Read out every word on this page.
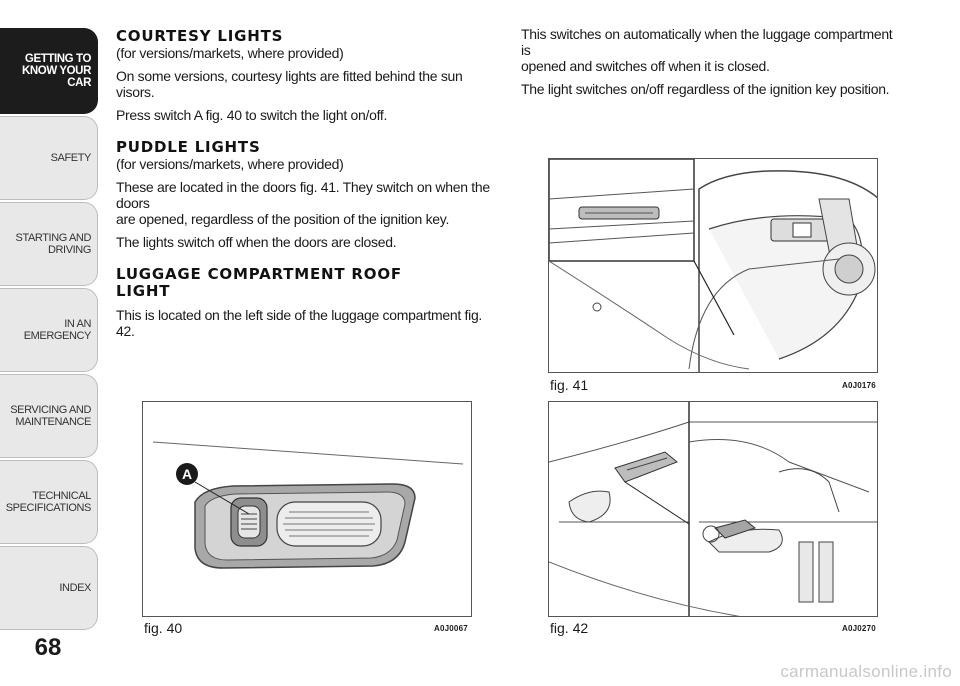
GETTING TO
KNOW YOUR CAR
SAFETY
STARTING AND
DRIVING
IN AN EMERGENCY
SERVICING AND
MAINTENANCE
TECHNICAL
SPECIFICATIONS
INDEX
68
COURTESY LIGHTS

(for versions/markets, where provided)

On some versions, courtesy lights are fitted behind the sun visors.

Press switch A fig. 40 to switch the light on/off.

PUDDLE LIGHTS

(for versions/markets, where provided)

These are located in the doors fig. 41. They switch on when the doors

are opened, regardless of the position of the ignition key.

The lights switch off when the doors are closed.

LUGGAGE COMPARTMENT ROOF
LIGHT

This is located on the left side of the luggage compartment fig. 42.

This switches on automatically when the luggage compartment is

opened and switches off when it is closed.

The light switches on/off regardless of the ignition key position.

A
fig. 40	A0J0067
fig. 41	A0J0176
fig. 42	A0J0270
carmanualsonline.info
